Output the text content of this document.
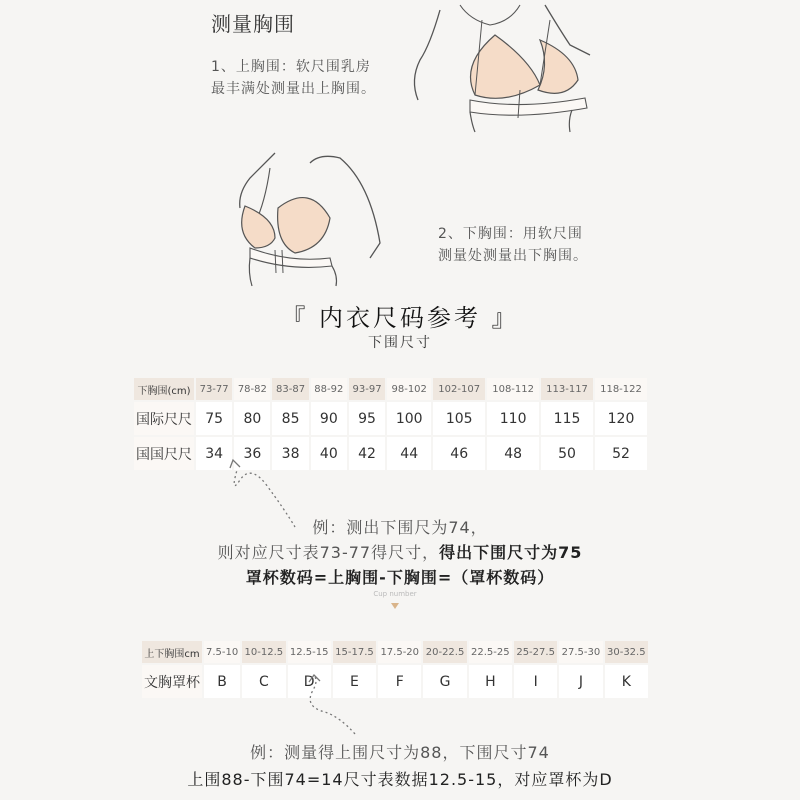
测量胸围
1、上胸围：软尺围乳房
最丰满处测量出上胸围。
2、下胸围：用软尺围
测量处测量出下胸围。
『 内衣尺码参考 』
下围尺寸
下胸围(cm)	73-77	78-82	83-87	88-92	93-97	98-102	102-107	108-112	113-117	118-122
国际尺尺	75	80	85	90	95	100	105	110	115	120
国国尺尺	34	36	38	40	42	44	46	48	50	52
例：测出下围尺为74，
则对应尺寸表73-77得尺寸，得出下围尺寸为75
罩杯数码=上胸围-下胸围=（罩杯数码）
Cup number
上下胸围cm	7.5-10	10-12.5	12.5-15	15-17.5	17.5-20	20-22.5	22.5-25	25-27.5	27.5-30	30-32.5
文胸罩杯	B	C	D	E	F	G	H	I	J	K
例：测量得上围尺寸为88，下围尺寸74
上围88-下围74=14尺寸表数据12.5-15，对应罩杯为D
